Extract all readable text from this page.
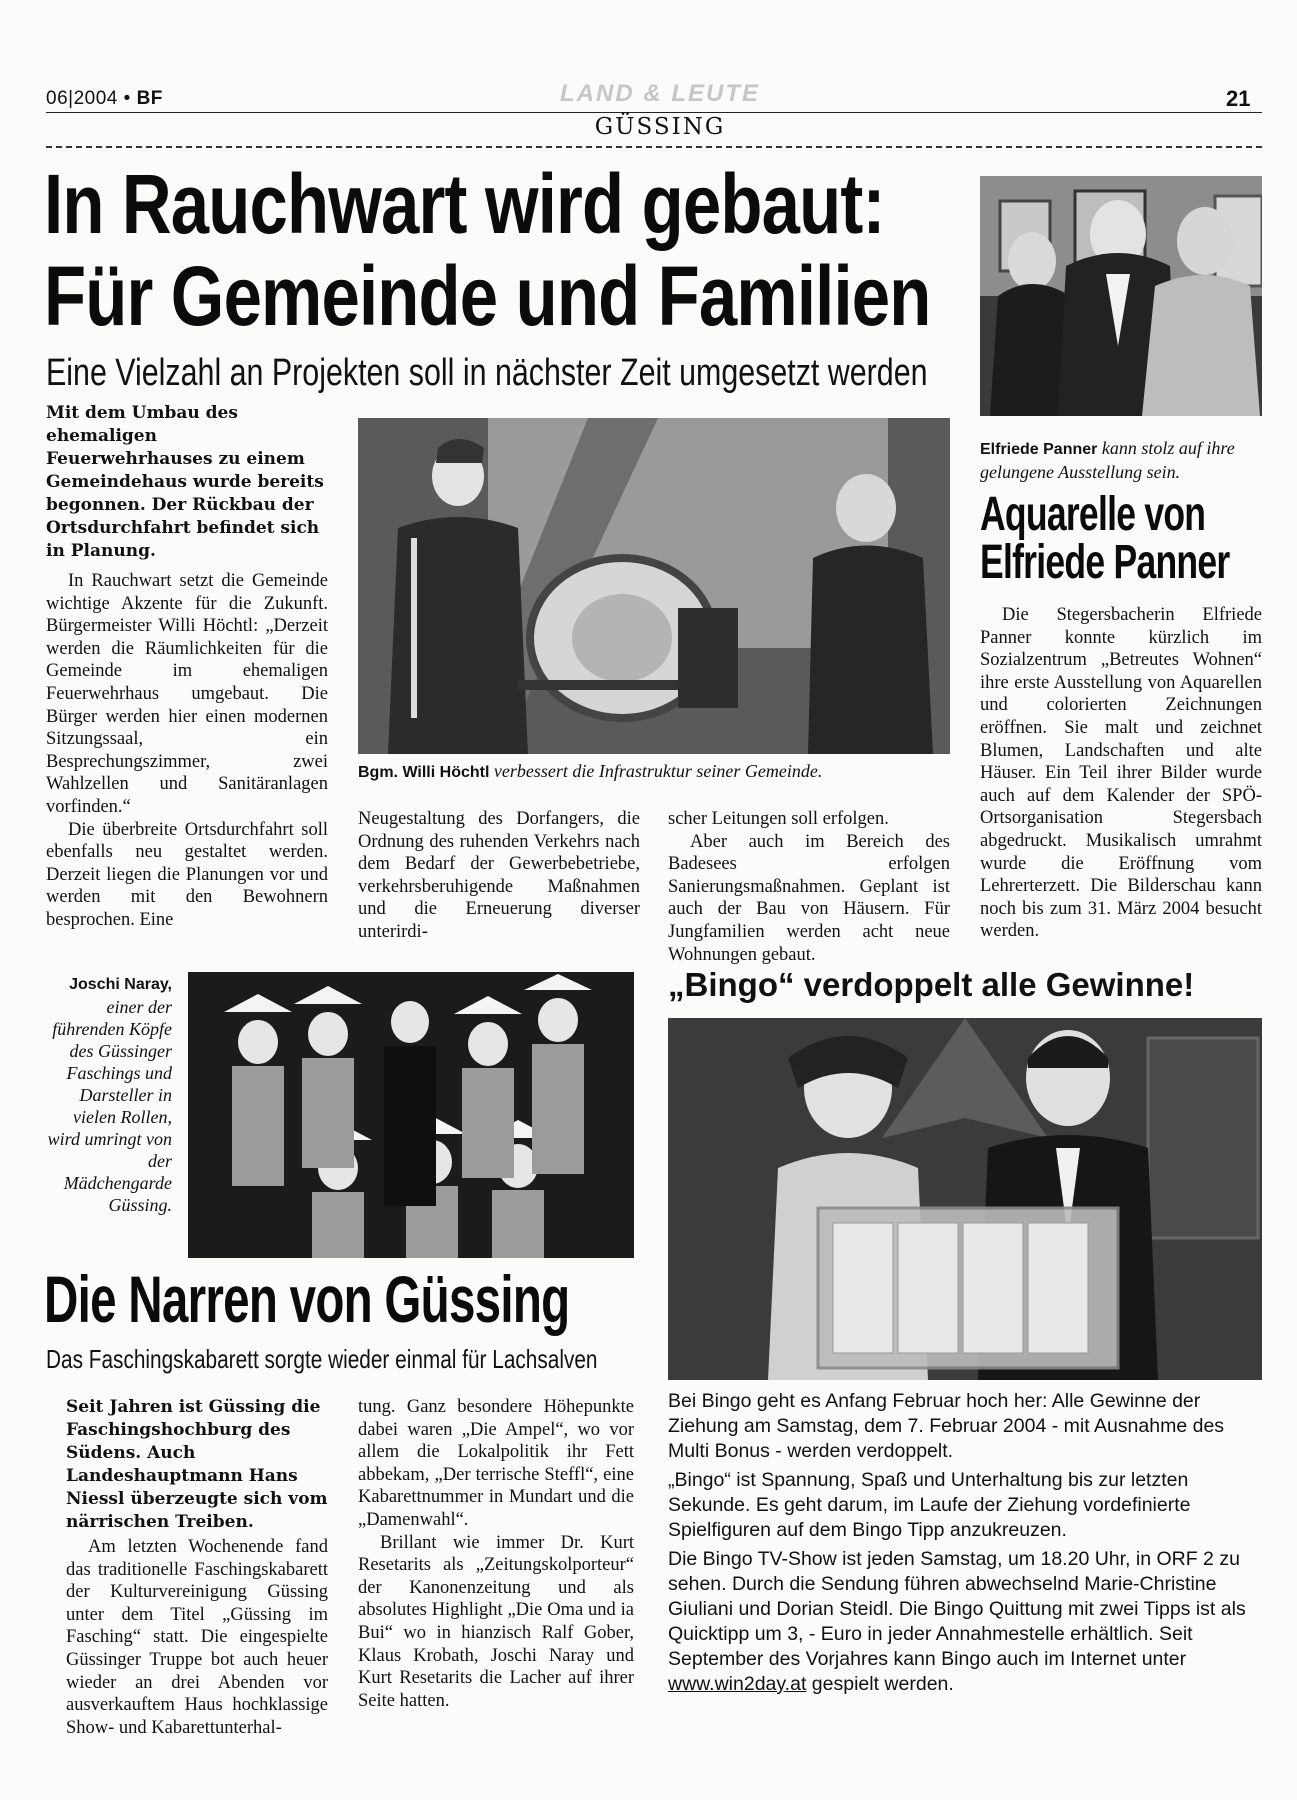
06|2004 • BF	LAND & LEUTE	21
GÜSSING
In Rauchwart wird gebaut:
Für Gemeinde und Familien
Eine Vielzahl an Projekten soll in nächster Zeit umgesetzt werden
Elfriede Panner kann stolz auf ihre gelungene Ausstellung sein.
Aquarelle von
Elfriede Panner

Die Stegersbacherin Elfriede Panner konnte kürzlich im Sozialzentrum „Betreutes Wohnen“ ihre erste Ausstellung von Aquarellen und colorierten Zeichnungen eröffnen. Sie malt und zeichnet Blumen, Landschaften und alte Häuser. Ein Teil ihrer Bilder wurde auch auf dem Kalender der SPÖ-Ortsorganisation Stegersbach abgedruckt. Musikalisch umrahmt wurde die Eröffnung vom Lehrerterzett. Die Bilderschau kann noch bis zum 31. März 2004 besucht werden.

Mit dem Umbau des ehemaligen Feuerwehrhauses zu einem Gemeindehaus wurde bereits begonnen. Der Rückbau der Ortsdurchfahrt befindet sich in Planung.

In Rauchwart setzt die Gemeinde wichtige Akzente für die Zukunft. Bürgermeister Willi Höchtl: „Derzeit werden die Räumlichkeiten für die Gemeinde im ehemaligen Feuerwehrhaus umgebaut. Die Bürger werden hier einen modernen Sitzungssaal, ein Besprechungszimmer, zwei Wahlzellen und Sanitäranlagen vorfinden.“

Die überbreite Ortsdurchfahrt soll ebenfalls neu gestaltet werden. Derzeit liegen die Planungen vor und werden mit den Bewohnern besprochen. Eine

Bgm. Willi Höchtl verbessert die Infrastruktur seiner Gemeinde.

Neugestaltung des Dorfangers, die Ordnung des ruhenden Verkehrs nach dem Bedarf der Gewerbebetriebe, verkehrsberuhigende Maßnahmen und die Erneuerung diverser unterirdi-

scher Leitungen soll erfolgen.

Aber auch im Bereich des Badesees erfolgen Sanierungsmaßnahmen. Geplant ist auch der Bau von Häusern. Für Jungfamilien werden acht neue Wohnungen gebaut.

Joschi Naray, einer der führenden Köpfe des Güssinger Faschings und Darsteller in vielen Rollen, wird umringt von der Mädchengarde Güssing.
Die Narren von Güssing
Das Faschingskabarett sorgte wieder einmal für Lachsalven
Seit Jahren ist Güssing die Faschingshochburg des Südens. Auch Landeshauptmann Hans Niessl überzeugte sich vom närrischen Treiben.

Am letzten Wochenende fand das traditionelle Faschingskabarett der Kulturvereinigung Güssing unter dem Titel „Güssing im Fasching“ statt. Die eingespielte Güssinger Truppe bot auch heuer wieder an drei Abenden vor ausverkauftem Haus hochklassige Show- und Kabarettunterhal-

tung. Ganz besondere Höhepunkte dabei waren „Die Ampel“, wo vor allem die Lokalpolitik ihr Fett abbekam, „Der terrische Steffl“, eine Kabarettnummer in Mundart und die „Damenwahl“.

Brillant wie immer Dr. Kurt Resetarits als „Zeitungskolporteur“ der Kanonenzeitung und als absolutes Highlight „Die Oma und ia Bui“ wo in hianzisch Ralf Gober, Klaus Krobath, Joschi Naray und Kurt Resetarits die Lacher auf ihrer Seite hatten.

„Bingo“ verdoppelt alle Gewinne!

Bei Bingo geht es Anfang Februar hoch her: Alle Gewinne der Ziehung am Samstag, dem 7. Februar 2004 - mit Ausnahme des Multi Bonus - werden verdoppelt.

„Bingo“ ist Spannung, Spaß und Unterhaltung bis zur letzten Sekunde. Es geht darum, im Laufe der Ziehung vordefinierte Spielfiguren auf dem Bingo Tipp anzukreuzen.

Die Bingo TV-Show ist jeden Samstag, um 18.20 Uhr, in ORF 2 zu sehen. Durch die Sendung führen abwechselnd Marie-Christine Giuliani und Dorian Steidl. Die Bingo Quittung mit zwei Tipps ist als Quicktipp um 3, - Euro in jeder Annahmestelle erhältlich. Seit September des Vorjahres kann Bingo auch im Internet unter www.win2day.at gespielt werden.
